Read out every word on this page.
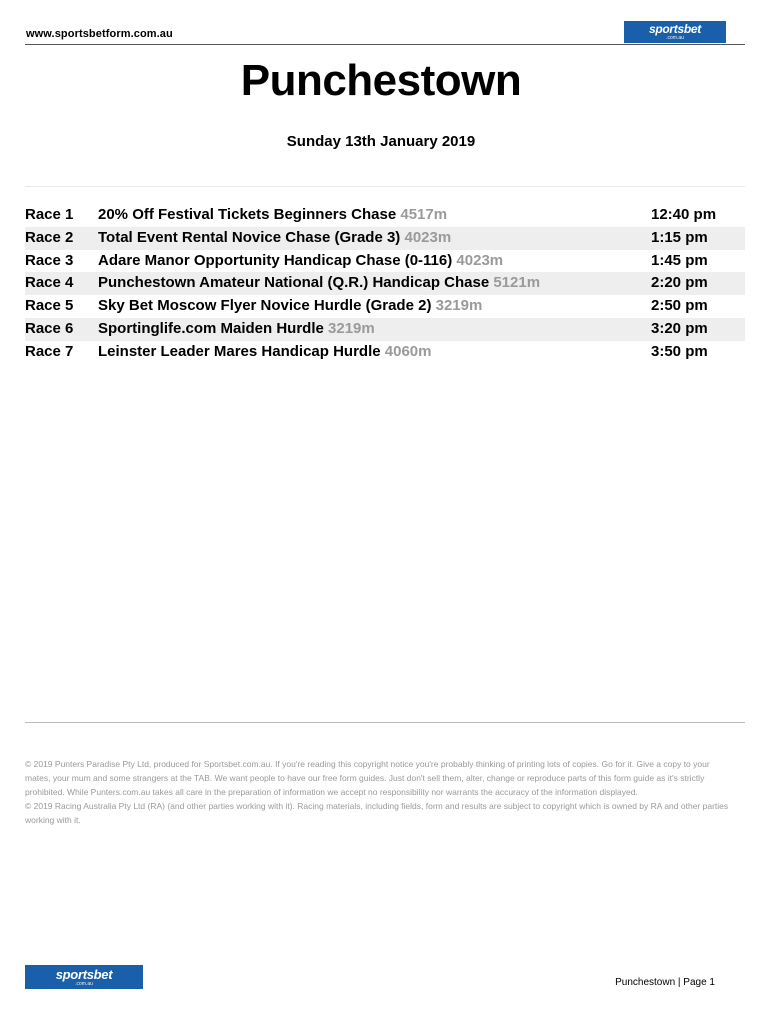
www.sportsbetform.com.au	sportsbet
.com.au
Punchestown
Sunday 13th January 2019
Race 1 20% Off Festival Tickets Beginners Chase 4517m	12:40 pm
Race 2 Total Event Rental Novice Chase (Grade 3) 4023m	1:15 pm
Race 3 Adare Manor Opportunity Handicap Chase (0-116) 4023m	1:45 pm
Race 4 Punchestown Amateur National (Q.R.) Handicap Chase 5121m	2:20 pm
Race 5 Sky Bet Moscow Flyer Novice Hurdle (Grade 2) 3219m	2:50 pm
Race 6 Sportinglife.com Maiden Hurdle 3219m	3:20 pm
Race 7 Leinster Leader Mares Handicap Hurdle 4060m	3:50 pm

© 2019 Punters Paradise Pty Ltd, produced for Sportsbet.com.au. If you're reading this copyright notice you're probably thinking of printing lots of copies. Go for it. Give a copy to your mates, your mum and some strangers at the TAB. We want people to have our free form guides. Just don't sell them, alter, change or reproduce parts of this form guide as it's strictly prohibited. While Punters.com.au takes all care in the preparation of information we accept no responsibility nor warrants the accuracy of the information displayed.

© 2019 Racing Australia Pty Ltd (RA) (and other parties working with it). Racing materials, including fields, form and results are subject to copyright which is owned by RA and other parties working with it.

sportsbet
.com.au	Punchestown | Page 1
